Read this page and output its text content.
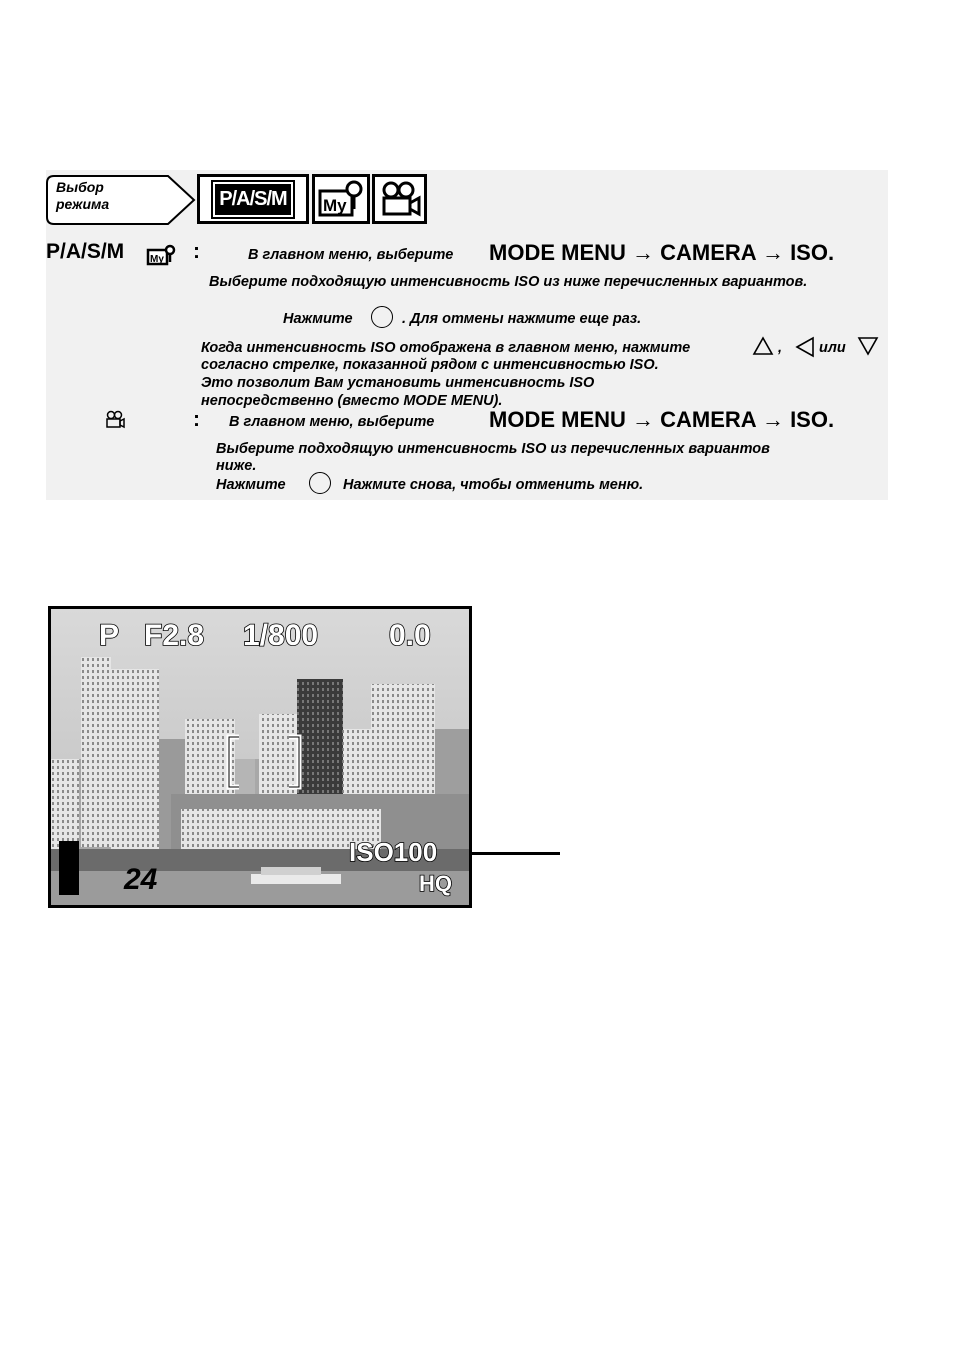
Выбор
режима	P/A/S/M	My
P/A/S/M	My :	В главном меню, выберите MODE MENU → CAMERA → ISO.
Выберите подходящую интенсивность ISO из ниже перечисленных вариантов.
Нажмите	. Для отмены нажмите еще раз.
Когда интенсивность ISO отображена в главном меню, нажмите	,	или
согласно стрелке, показанной рядом с интенсивностью ISO.
Это позволит Вам установить интенсивность ISO
непосредственно (вместо MODE MENU).
: В главном меню, выберите MODE MENU → CAMERA → ISO.
Выберите подходящую интенсивность ISO из перечисленных вариантов
ниже.
Нажмите	Нажмиτе снова, чтобы отменить меню.
P F2.8 1/800 0.0
ISO100
HQ
24
